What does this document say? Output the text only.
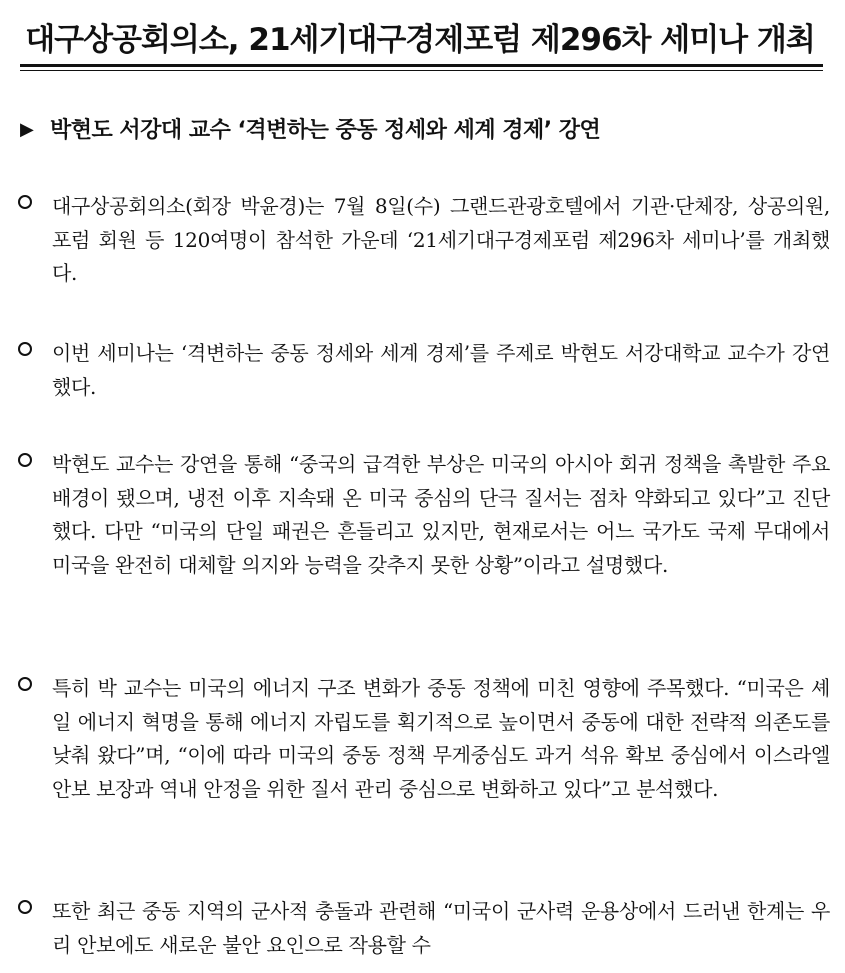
대구상공회의소, 21세기대구경제포럼 제296차 세미나 개최
▶ 박현도 서강대 교수 ‘격변하는 중동 정세와 세계 경제’ 강연
대구상공회의소(회장 박윤경)는 7월 8일(수) 그랜드관광호텔에서 기관·단체장, 상공의원, 포럼 회원 등 120여명이 참석한 가운데 ‘21세기대구경제포럼 제296차 세미나’를 개최했다.
이번 세미나는 ‘격변하는 중동 정세와 세계 경제’를 주제로 박현도 서강대학교 교수가 강연했다.
박현도 교수는 강연을 통해 “중국의 급격한 부상은 미국의 아시아 회귀 정책을 촉발한 주요 배경이 됐으며, 냉전 이후 지속돼 온 미국 중심의 단극 질서는 점차 약화되고 있다”고 진단했다. 다만 “미국의 단일 패권은 흔들리고 있지만, 현재로서는 어느 국가도 국제 무대에서 미국을 완전히 대체할 의지와 능력을 갖추지 못한 상황”이라고 설명했다.
특히 박 교수는 미국의 에너지 구조 변화가 중동 정책에 미친 영향에 주목했다. “미국은 셰일 에너지 혁명을 통해 에너지 자립도를 획기적으로 높이면서 중동에 대한 전략적 의존도를 낮춰 왔다”며, “이에 따라 미국의 중동 정책 무게중심도 과거 석유 확보 중심에서 이스라엘 안보 보장과 역내 안정을 위한 질서 관리 중심으로 변화하고 있다”고 분석했다.
또한 최근 중동 지역의 군사적 충돌과 관련해 “미국이 군사력 운용상에서 드러낸 한계는 우리 안보에도 새로운 불안 요인으로 작용할 수
